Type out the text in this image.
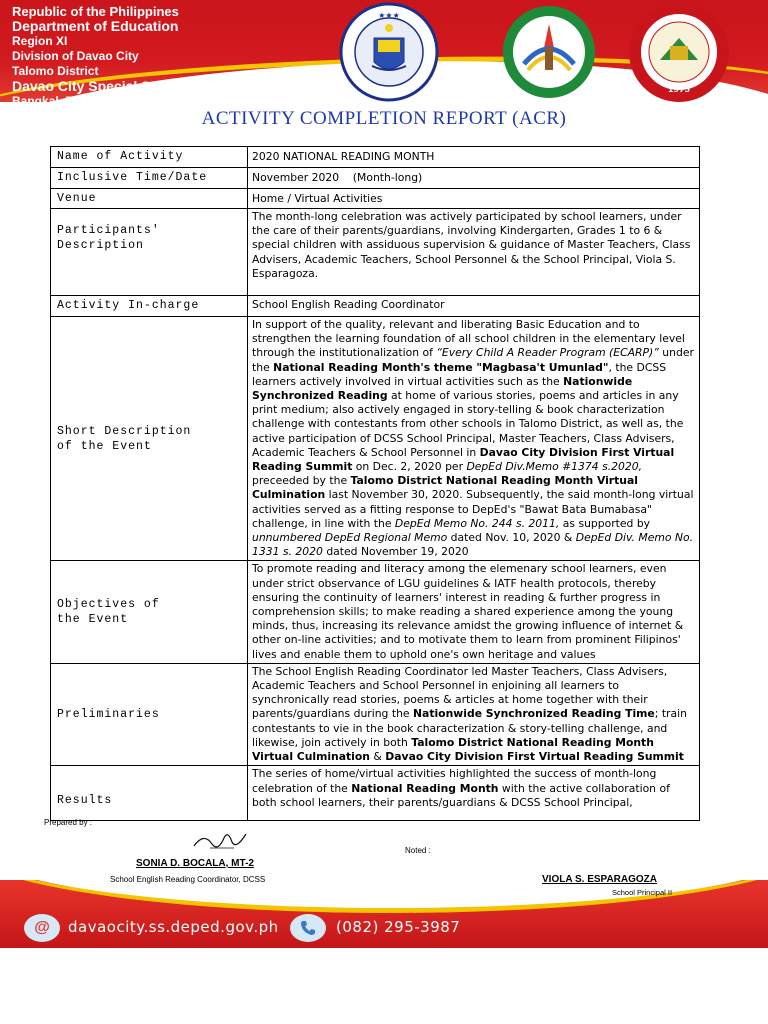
Republic of the Philippines
Department of Education
Region XI
Division of Davao City
Talomo District
Davao City Special School
Bangkal, Davao City
★★★
1975
ACTIVITY COMPLETION REPORT (ACR)
Name of Activity	2020 NATIONAL READING MONTH
Inclusive Time/Date	November 2020    (Month-long)
Venue	Home / Virtual Activities

Participants'
Description	The month-long celebration was actively participated by school learners, under the care of their parents/guardians, involving Kindergarten, Grades 1 to 6 & special children with assiduous supervision & guidance of Master Teachers, Class Advisers, Academic Teachers, School Personnel & the School Principal, Viola S. Esparagoza.
Activity In-charge	School English Reading Coordinator

Short Description
of the Event	In support of the quality, relevant and liberating Basic Education and to strengthen the learning foundation of all school children in the elementary level through the institutionalization of “Every Child A Reader Program (ECARP)” under the National Reading Month's theme "Magbasa't Umunlad", the DCSS learners actively involved in virtual activities such as the Nationwide Synchronized Reading at home of various stories, poems and articles in any print medium; also actively engaged in story-telling & book characterization challenge with contestants from other schools in Talomo District, as well as, the active participation of DCSS School Principal, Master Teachers, Class Advisers, Academic Teachers & School Personnel in Davao City Division First Virtual Reading Summit on Dec. 2, 2020 per DepEd Div.Memo #1374 s.2020, preceeded by the Talomo District National Reading Month Virtual Culmination last November 30, 2020. Subsequently, the said month-long virtual activities served as a fitting response to DepEd's "Bawat Bata Bumabasa" challenge, in line with the DepEd Memo No. 244 s. 2011, as supported by unnumbered DepEd Regional Memo dated Nov. 10, 2020 & DepEd Div. Memo No. 1331 s. 2020 dated November 19, 2020

Objectives of
the Event	To promote reading and literacy among the elemenary school learners, even under strict observance of LGU guidelines & IATF health protocols, thereby ensuring the continuity of learners' interest in reading & further progress in comprehension skills; to make reading a shared experience among the young minds, thus, increasing its relevance amidst the growing influence of internet & other on-line activities; and to motivate them to learn from prominent Filipinos' lives and enable them to uphold one's own heritage and values
Preliminaries	The School English Reading Coordinator led Master Teachers, Class Advisers, Academic Teachers and School Personnel in enjoining all learners to synchronically read stories, poems & articles at home together with their parents/guardians during the Nationwide Synchronized Reading Time; train contestants to vie in the book characterization & story-telling challenge, and likewise, join actively in both Talomo District National Reading Month Virtual Culmination & Davao City Division First Virtual Reading Summit
Results	The series of home/virtual activities highlighted the success of month-long celebration of the National Reading Month with the active collaboration of both school learners, their parents/guardians & DCSS School Principal,
Prepared by :
Noted :
@	davaocity.ss.deped.gov.ph	(082) 295-3987
SONIA D. BOCALA, MT-2
School English Reading Coordinator, DCSS	VIOLA S. ESPARAGOZA
School Principal II
